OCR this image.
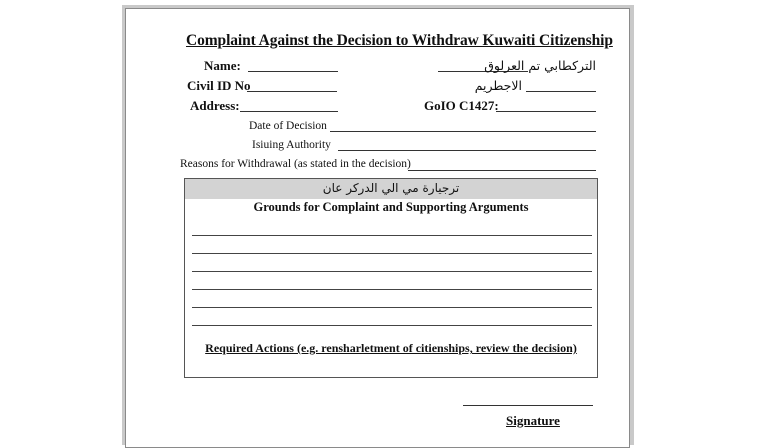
Complaint Against the Decision to Withdraw Kuwaiti Citizenship
Name:	التركطابي تم العرلوق
Civil ID No	الاجطريم
Address:	GoIO C1427:
Date of Decision
Isiuing Authority
Reasons for Withdrawal (as stated in the decision)
ترجيارة مي الي الدركر عان
Grounds for Complaint and Supporting Arguments
Required Actions (e.g. rensharletment of citienships, review the decision)
Signature
